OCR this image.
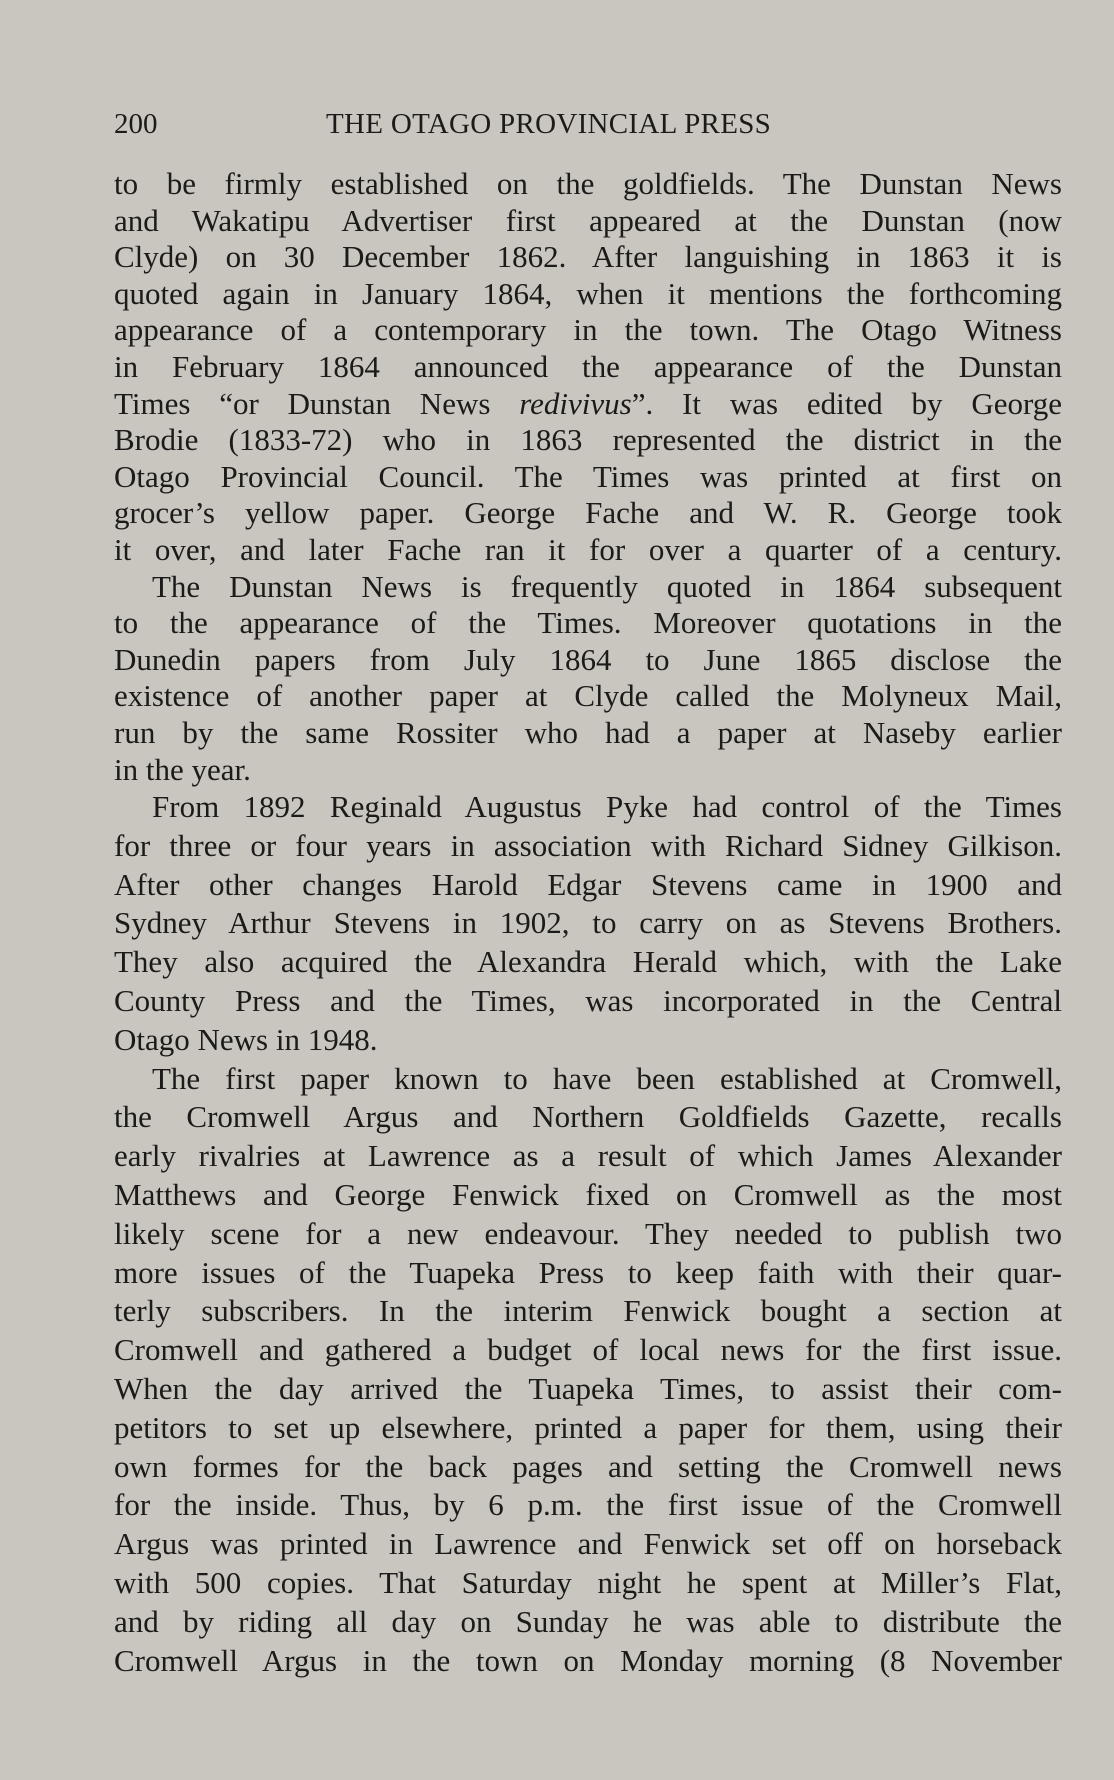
200	THE OTAGO PROVINCIAL PRESS
to be firmly established on the goldfields. The Dunstan News
and Wakatipu Advertiser first appeared at the Dunstan (now
Clyde) on 30 December 1862. After languishing in 1863 it is
quoted again in January 1864, when it mentions the forthcoming
appearance of a contemporary in the town. The Otago Witness
in February 1864 announced the appearance of the Dunstan
Times “or Dunstan News redivivus”. It was edited by George
Brodie (1833-72) who in 1863 represented the district in the
Otago Provincial Council. The Times was printed at first on
grocer’s yellow paper. George Fache and W. R. George took
it over, and later Fache ran it for over a quarter of a century.
The Dunstan News is frequently quoted in 1864 subsequent
to the appearance of the Times. Moreover quotations in the
Dunedin papers from July 1864 to June 1865 disclose the
existence of another paper at Clyde called the Molyneux Mail,
run by the same Rossiter who had a paper at Naseby earlier
in the year.
From 1892 Reginald Augustus Pyke had control of the Times
for three or four years in association with Richard Sidney Gilkison.
After other changes Harold Edgar Stevens came in 1900 and
Sydney Arthur Stevens in 1902, to carry on as Stevens Brothers.
They also acquired the Alexandra Herald which, with the Lake
County Press and the Times, was incorporated in the Central
Otago News in 1948.
The first paper known to have been established at Cromwell,
the Cromwell Argus and Northern Goldfields Gazette, recalls
early rivalries at Lawrence as a result of which James Alexander
Matthews and George Fenwick fixed on Cromwell as the most
likely scene for a new endeavour. They needed to publish two
more issues of the Tuapeka Press to keep faith with their quar-
terly subscribers. In the interim Fenwick bought a section at
Cromwell and gathered a budget of local news for the first issue.
When the day arrived the Tuapeka Times, to assist their com-
petitors to set up elsewhere, printed a paper for them, using their
own formes for the back pages and setting the Cromwell news
for the inside. Thus, by 6 p.m. the first issue of the Cromwell
Argus was printed in Lawrence and Fenwick set off on horseback
with 500 copies. That Saturday night he spent at Miller’s Flat,
and by riding all day on Sunday he was able to distribute the
Cromwell Argus in the town on Monday morning (8 November
